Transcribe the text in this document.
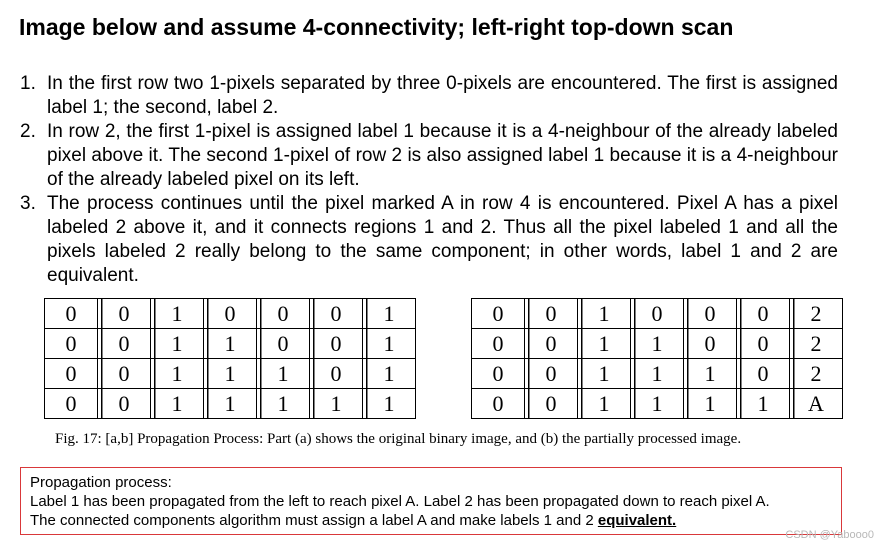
Image below and assume 4-connectivity; left-right top-down scan
1. In the first row two 1-pixels separated by three 0-pixels are encountered. The first is assigned label 1; the second, label 2.
2. In row 2, the first 1-pixel is assigned label 1 because it is a 4-neighbour of the already labeled pixel above it. The second 1-pixel of row 2 is also assigned label 1 because it is a 4-neighbour of the already labeled pixel on its left.
3. The process continues until the pixel marked A in row 4 is encountered. Pixel A has a pixel labeled 2 above it, and it connects regions 1 and 2. Thus all the pixel labeled 1 and all the pixels labeled 2 really belong to the same component; in other words, label 1 and 2 are equivalent.
0	0	1	0	0	0	1
0	0	1	1	0	0	1
0	0	1	1	1	0	1
0	0	1	1	1	1	1
0	0	1	0	0	0	2
0	0	1	1	0	0	2
0	0	1	1	1	0	2
0	0	1	1	1	1	A
Fig. 17: [a,b] Propagation Process: Part (a) shows the original binary image, and (b) the partially processed image.
Propagation process:
Label 1 has been propagated from the left to reach pixel A. Label 2 has been propagated down to reach pixel A.
The connected components algorithm must assign a label A and make labels 1 and 2 equivalent.
CSDN @Yabooo0
